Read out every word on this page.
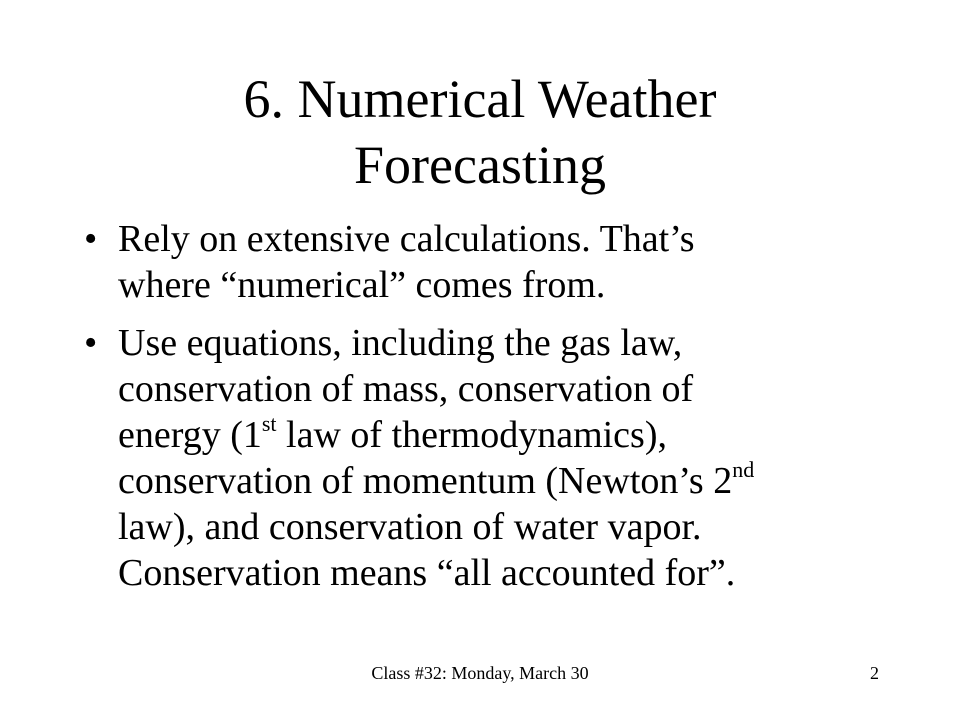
6. Numerical Weather
Forecasting
• Rely on extensive calculations. That’s
where “numerical” comes from.
• Use equations, including the gas law,
conservation of mass, conservation of
energy (1st law of thermodynamics),
conservation of momentum (Newton’s 2nd
law), and conservation of water vapor.
Conservation means “all accounted for”.
Class #32: Monday, March 30	2
